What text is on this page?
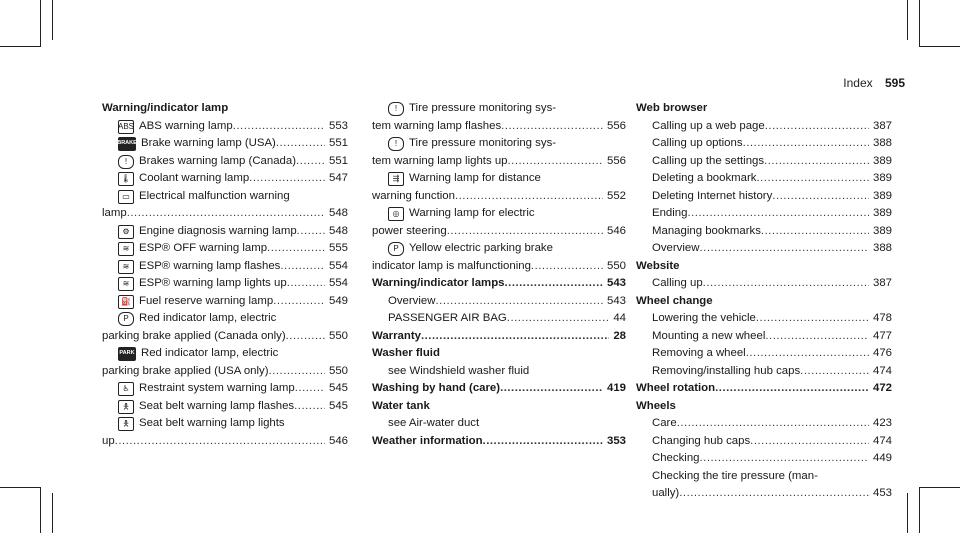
Index 595
Warning/indicator lamp
ABS ABS warning lamp .....	553
BRAKE Brake warning lamp (USA) .....	551
!	Brakes warning lamp (Canada) .....	551
🌡 Coolant warning lamp .....	547
▭ Electrical malfunction warning
lamp .....	548
⚙ Engine diagnosis warning lamp .....	548
≋ ESP® OFF warning lamp .....	555
≋ ESP® warning lamp flashes .....	554
≋ ESP® warning lamp lights up .....	554
⛽ Fuel reserve warning lamp .....	549
P Red indicator lamp, electric
parking brake applied (Canada only) .....	550
PARK Red indicator lamp, electric
parking brake applied (USA only) .....	550
♿ Restraint system warning lamp .....	545
🯅 Seat belt warning lamp flashes .....	545
🯅 Seat belt warning lamp lights
up .....	546
!	Tire pressure monitoring sys-
tem warning lamp flashes .....	556
!	Tire pressure monitoring sys-
tem warning lamp lights up .....	556
⇶ Warning lamp for distance
warning function .....	552
◎ Warning lamp for electric
power steering .....	546
P Yellow electric parking brake
indicator lamp is malfunctioning .....	550
Warning/indicator lamps .....	543
Overview .....	543
PASSENGER AIR BAG .....	44
Warranty .....	28
Washer fluid
see Windshield washer fluid
Washing by hand (care) .....	419
Water tank
see Air-water duct
Weather information .....	353
Web browser
Calling up a web page .....	387
Calling up options .....	388
Calling up the settings .....	389
Deleting a bookmark .....	389
Deleting Internet history .....	389
Ending .....	389
Managing bookmarks .....	389
Overview .....	388
Website
Calling up .....	387
Wheel change
Lowering the vehicle .....	478
Mounting a new wheel .....	477
Removing a wheel .....	476
Removing/installing hub caps .....	474
Wheel rotation .....	472
Wheels
Care .....	423
Changing hub caps .....	474
Checking .....	449
Checking the tire pressure (man-
ually) .....	453
